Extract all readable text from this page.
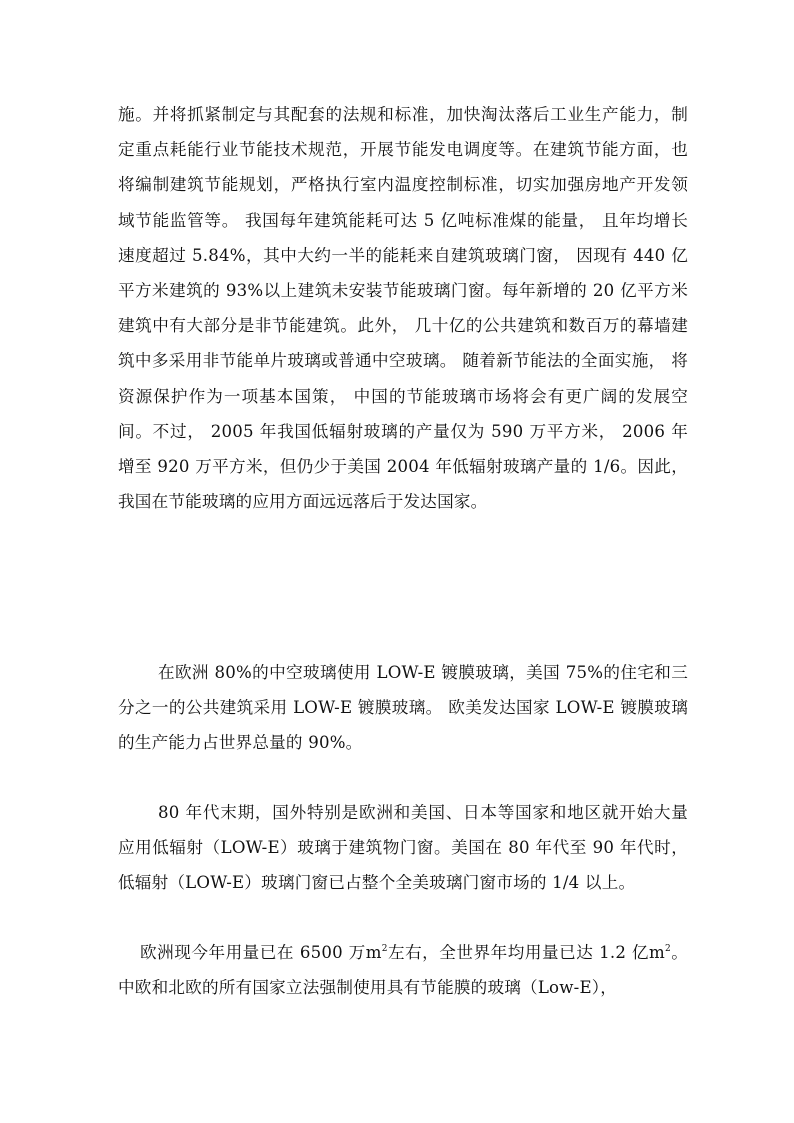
施。并将抓紧制定与其配套的法规和标准，加快淘汰落后工业生产能力，制定重点耗能行业节能技术规范，开展节能发电调度等。在建筑节能方面，也将编制建筑节能规划，严格执行室内温度控制标准，切实加强房地产开发领域节能监管等。 我国每年建筑能耗可达 5 亿吨标准煤的能量， 且年均增长速度超过 5.84%，其中大约一半的能耗来自建筑玻璃门窗， 因现有 440 亿平方米建筑的 93%以上建筑未安装节能玻璃门窗。每年新增的 20 亿平方米建筑中有大部分是非节能建筑。此外， 几十亿的公共建筑和数百万的幕墙建筑中多采用非节能单片玻璃或普通中空玻璃。 随着新节能法的全面实施， 将资源保护作为一项基本国策， 中国的节能玻璃市场将会有更广阔的发展空间。不过， 2005 年我国低辐射玻璃的产量仅为 590 万平方米， 2006 年增至 920 万平方米，但仍少于美国 2004 年低辐射玻璃产量的 1/6。因此， 我国在节能玻璃的应用方面远远落后于发达国家。

在欧洲 80%的中空玻璃使用 LOW-E 镀膜玻璃，美国 75%的住宅和三分之一的公共建筑采用 LOW-E 镀膜玻璃。 欧美发达国家 LOW-E 镀膜玻璃的生产能力占世界总量的 90%。

80 年代末期，国外特别是欧洲和美国、日本等国家和地区就开始大量应用低辐射（LOW-E）玻璃于建筑物门窗。美国在 80 年代至 90 年代时，低辐射（LOW-E）玻璃门窗已占整个全美玻璃门窗市场的 1/4 以上。

欧洲现今年用量已在 6500 万$m^2$左右，全世界年均用量已达 1.2 亿$m^2$。中欧和北欧的所有国家立法强制使用具有节能膜的玻璃（Low-E），
